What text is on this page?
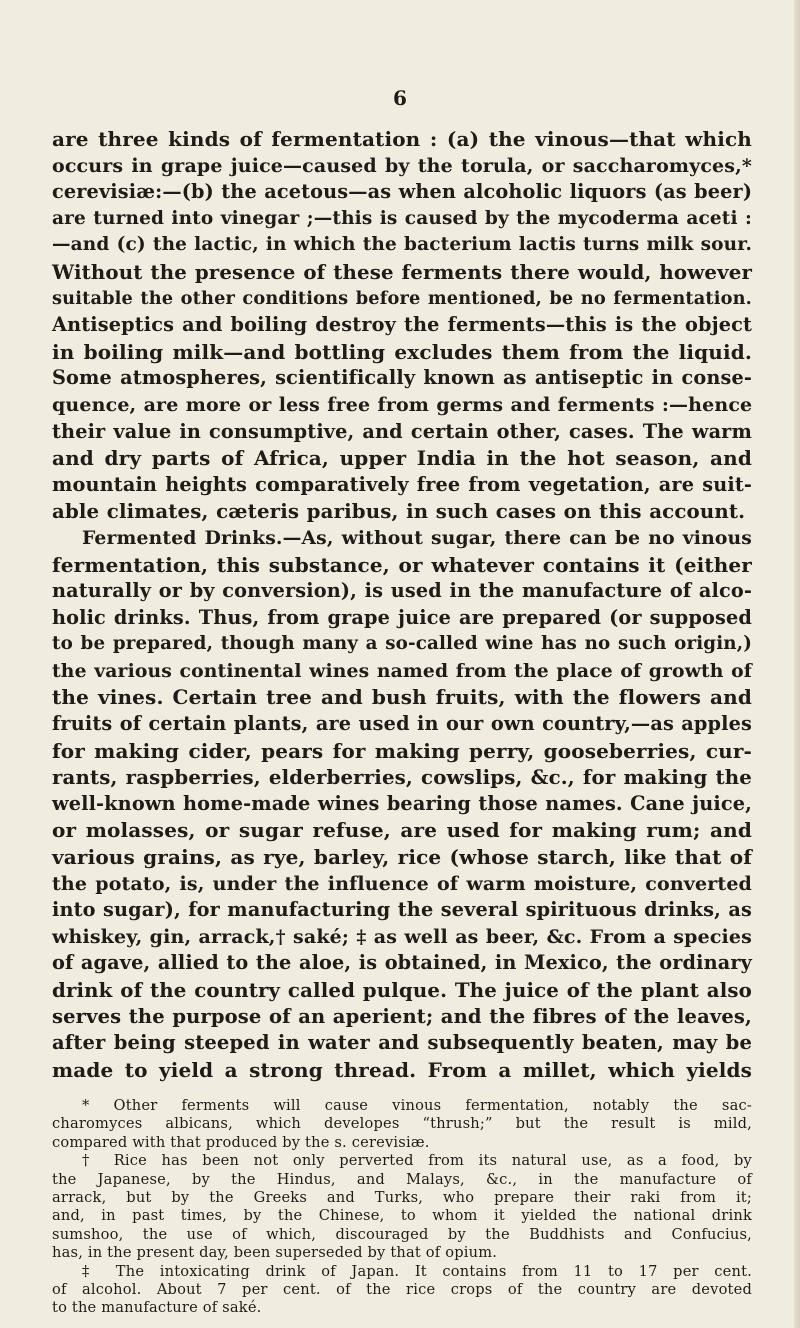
6
are three kinds of fermentation : (a) the vinous—that which
occurs in grape juice—caused by the torula, or saccharomyces,*
cerevisiæ:—(b) the acetous—as when alcoholic liquors (as beer)
are turned into vinegar ;—this is caused by the mycoderma aceti :
—and (c) the lactic, in which the bacterium lactis turns milk sour.
Without the presence of these ferments there would, however
suitable the other conditions before mentioned, be no fermentation.
Antiseptics and boiling destroy the ferments—this is the object
in boiling milk—and bottling excludes them from the liquid.
Some atmospheres, scientifically known as antiseptic in conse-
quence, are more or less free from germs and ferments :—hence
their value in consumptive, and certain other, cases. The warm
and dry parts of Africa, upper India in the hot season, and
mountain heights comparatively free from vegetation, are suit-
able climates, cæteris paribus, in such cases on this account.
Fermented Drinks.—As, without sugar, there can be no vinous
fermentation, this substance, or whatever contains it (either
naturally or by conversion), is used in the manufacture of alco-
holic drinks. Thus, from grape juice are prepared (or supposed
to be prepared, though many a so-called wine has no such origin,)
the various continental wines named from the place of growth of
the vines. Certain tree and bush fruits, with the flowers and
fruits of certain plants, are used in our own country,—as apples
for making cider, pears for making perry, gooseberries, cur-
rants, raspberries, elderberries, cowslips, &c., for making the
well-known home-made wines bearing those names. Cane juice,
or molasses, or sugar refuse, are used for making rum; and
various grains, as rye, barley, rice (whose starch, like that of
the potato, is, under the influence of warm moisture, converted
into sugar), for manufacturing the several spirituous drinks, as
whiskey, gin, arrack,† saké; ‡ as well as beer, &c. From a species
of agave, allied to the aloe, is obtained, in Mexico, the ordinary
drink of the country called pulque. The juice of the plant also
serves the purpose of an aperient; and the fibres of the leaves,
after being steeped in water and subsequently beaten, may be
made to yield a strong thread. From a millet, which yields
* Other ferments will cause vinous fermentation, notably the sac-
charomyces albicans, which developes “thrush;” but the result is mild,
compared with that produced by the s. cerevisiæ.
† Rice has been not only perverted from its natural use, as a food, by
the Japanese, by the Hindus, and Malays, &c., in the manufacture of
arrack, but by the Greeks and Turks, who prepare their raki from it;
and, in past times, by the Chinese, to whom it yielded the national drink
sumshoo, the use of which, discouraged by the Buddhists and Confucius,
has, in the present day, been superseded by that of opium.
‡ The intoxicating drink of Japan. It contains from 11 to 17 per cent.
of alcohol. About 7 per cent. of the rice crops of the country are devoted
to the manufacture of saké.
